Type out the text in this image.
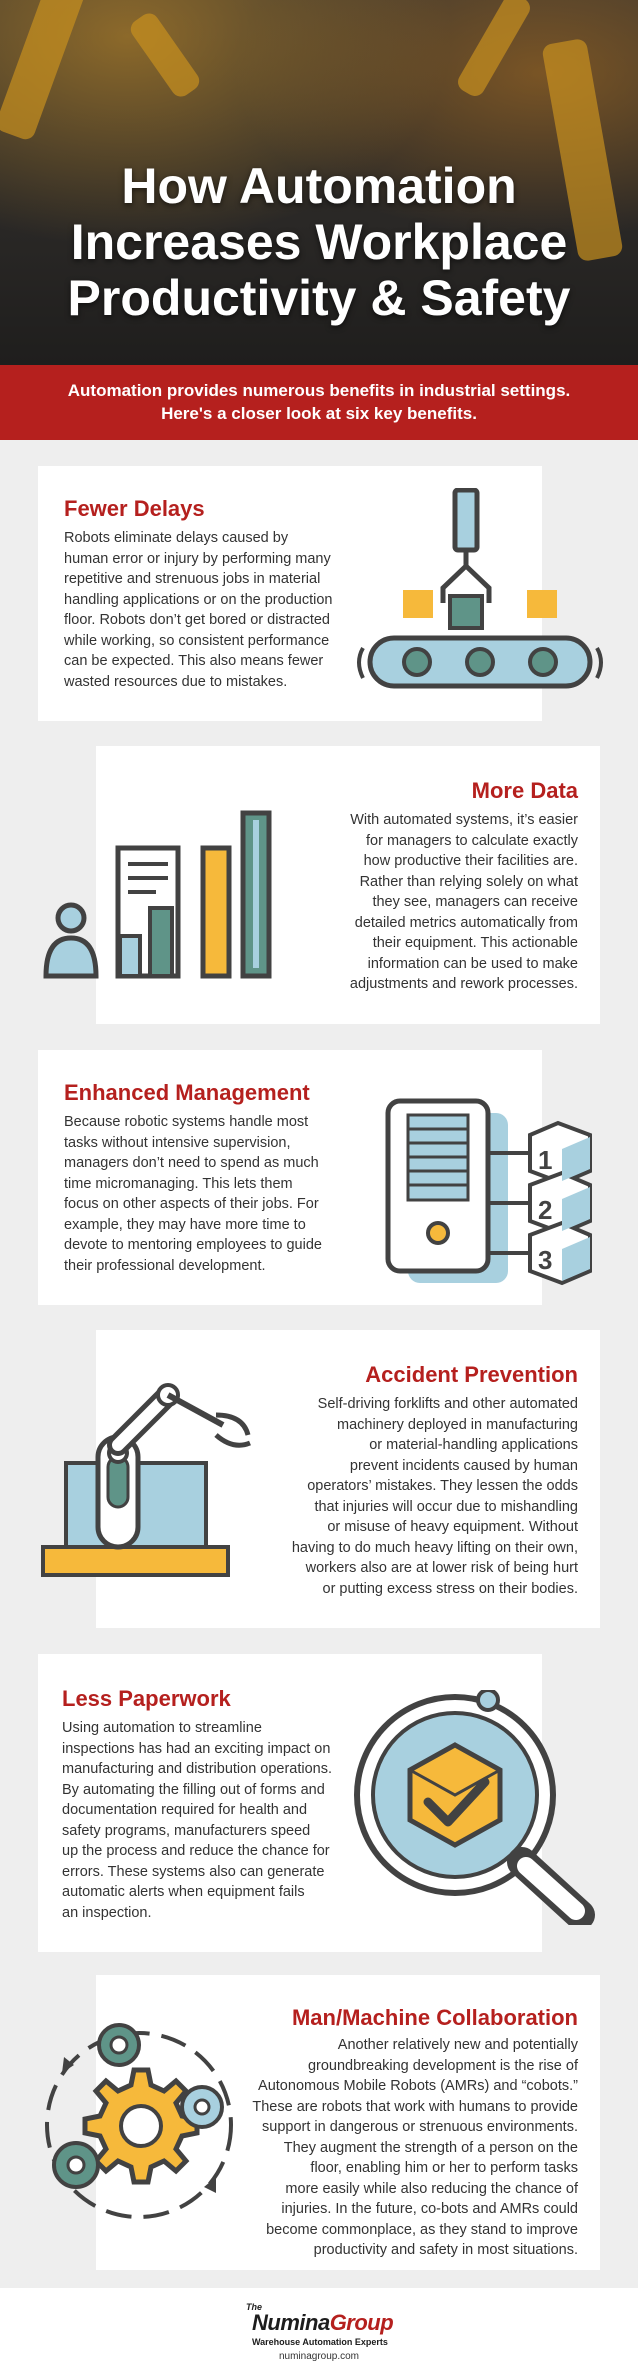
How Automation
Increases Workplace
Productivity & Safety
Automation provides numerous benefits in industrial settings.
Here's a closer look at six key benefits.
Fewer Delays
Robots eliminate delays caused by
human error or injury by performing many
repetitive and strenuous jobs in material
handling applications or on the production
floor. Robots don’t get bored or distracted
while working, so consistent performance
can be expected. This also means fewer
wasted resources due to mistakes.
More Data
With automated systems, it’s easier
for managers to calculate exactly
how productive their facilities are.
Rather than relying solely on what
they see, managers can receive
detailed metrics automatically from
their equipment. This actionable
information can be used to make
adjustments and rework processes.
Enhanced Management
Because robotic systems handle most
tasks without intensive supervision,
managers don’t need to spend as much
time micromanaging. This lets them
focus on other aspects of their jobs. For
example, they may have more time to
devote to mentoring employees to guide
their professional development.
1
2
3
Accident Prevention
Self-driving forklifts and other automated
machinery deployed in manufacturing
or material-handling applications
prevent incidents caused by human
operators’ mistakes. They lessen the odds
that injuries will occur due to mishandling
or misuse of heavy equipment. Without
having to do much heavy lifting on their own,
workers also are at lower risk of being hurt
or putting excess stress on their bodies.
Less Paperwork
Using automation to streamline
inspections has had an exciting impact on
manufacturing and distribution operations.
By automating the filling out of forms and
documentation required for health and
safety programs, manufacturers speed
up the process and reduce the chance for
errors. These systems also can generate
automatic alerts when equipment fails
an inspection.
Man/Machine Collaboration
Another relatively new and potentially
groundbreaking development is the rise of
Autonomous Mobile Robots (AMRs) and “cobots.”
These are robots that work with humans to provide
support in dangerous or strenuous environments.
They augment the strength of a person on the
floor, enabling him or her to perform tasks
more easily while also reducing the chance of
injuries. In the future, co-bots and AMRs could
become commonplace, as they stand to improve
productivity and safety in most situations.
The
NuminaGroup
Warehouse Automation Experts
numinagroup.com
